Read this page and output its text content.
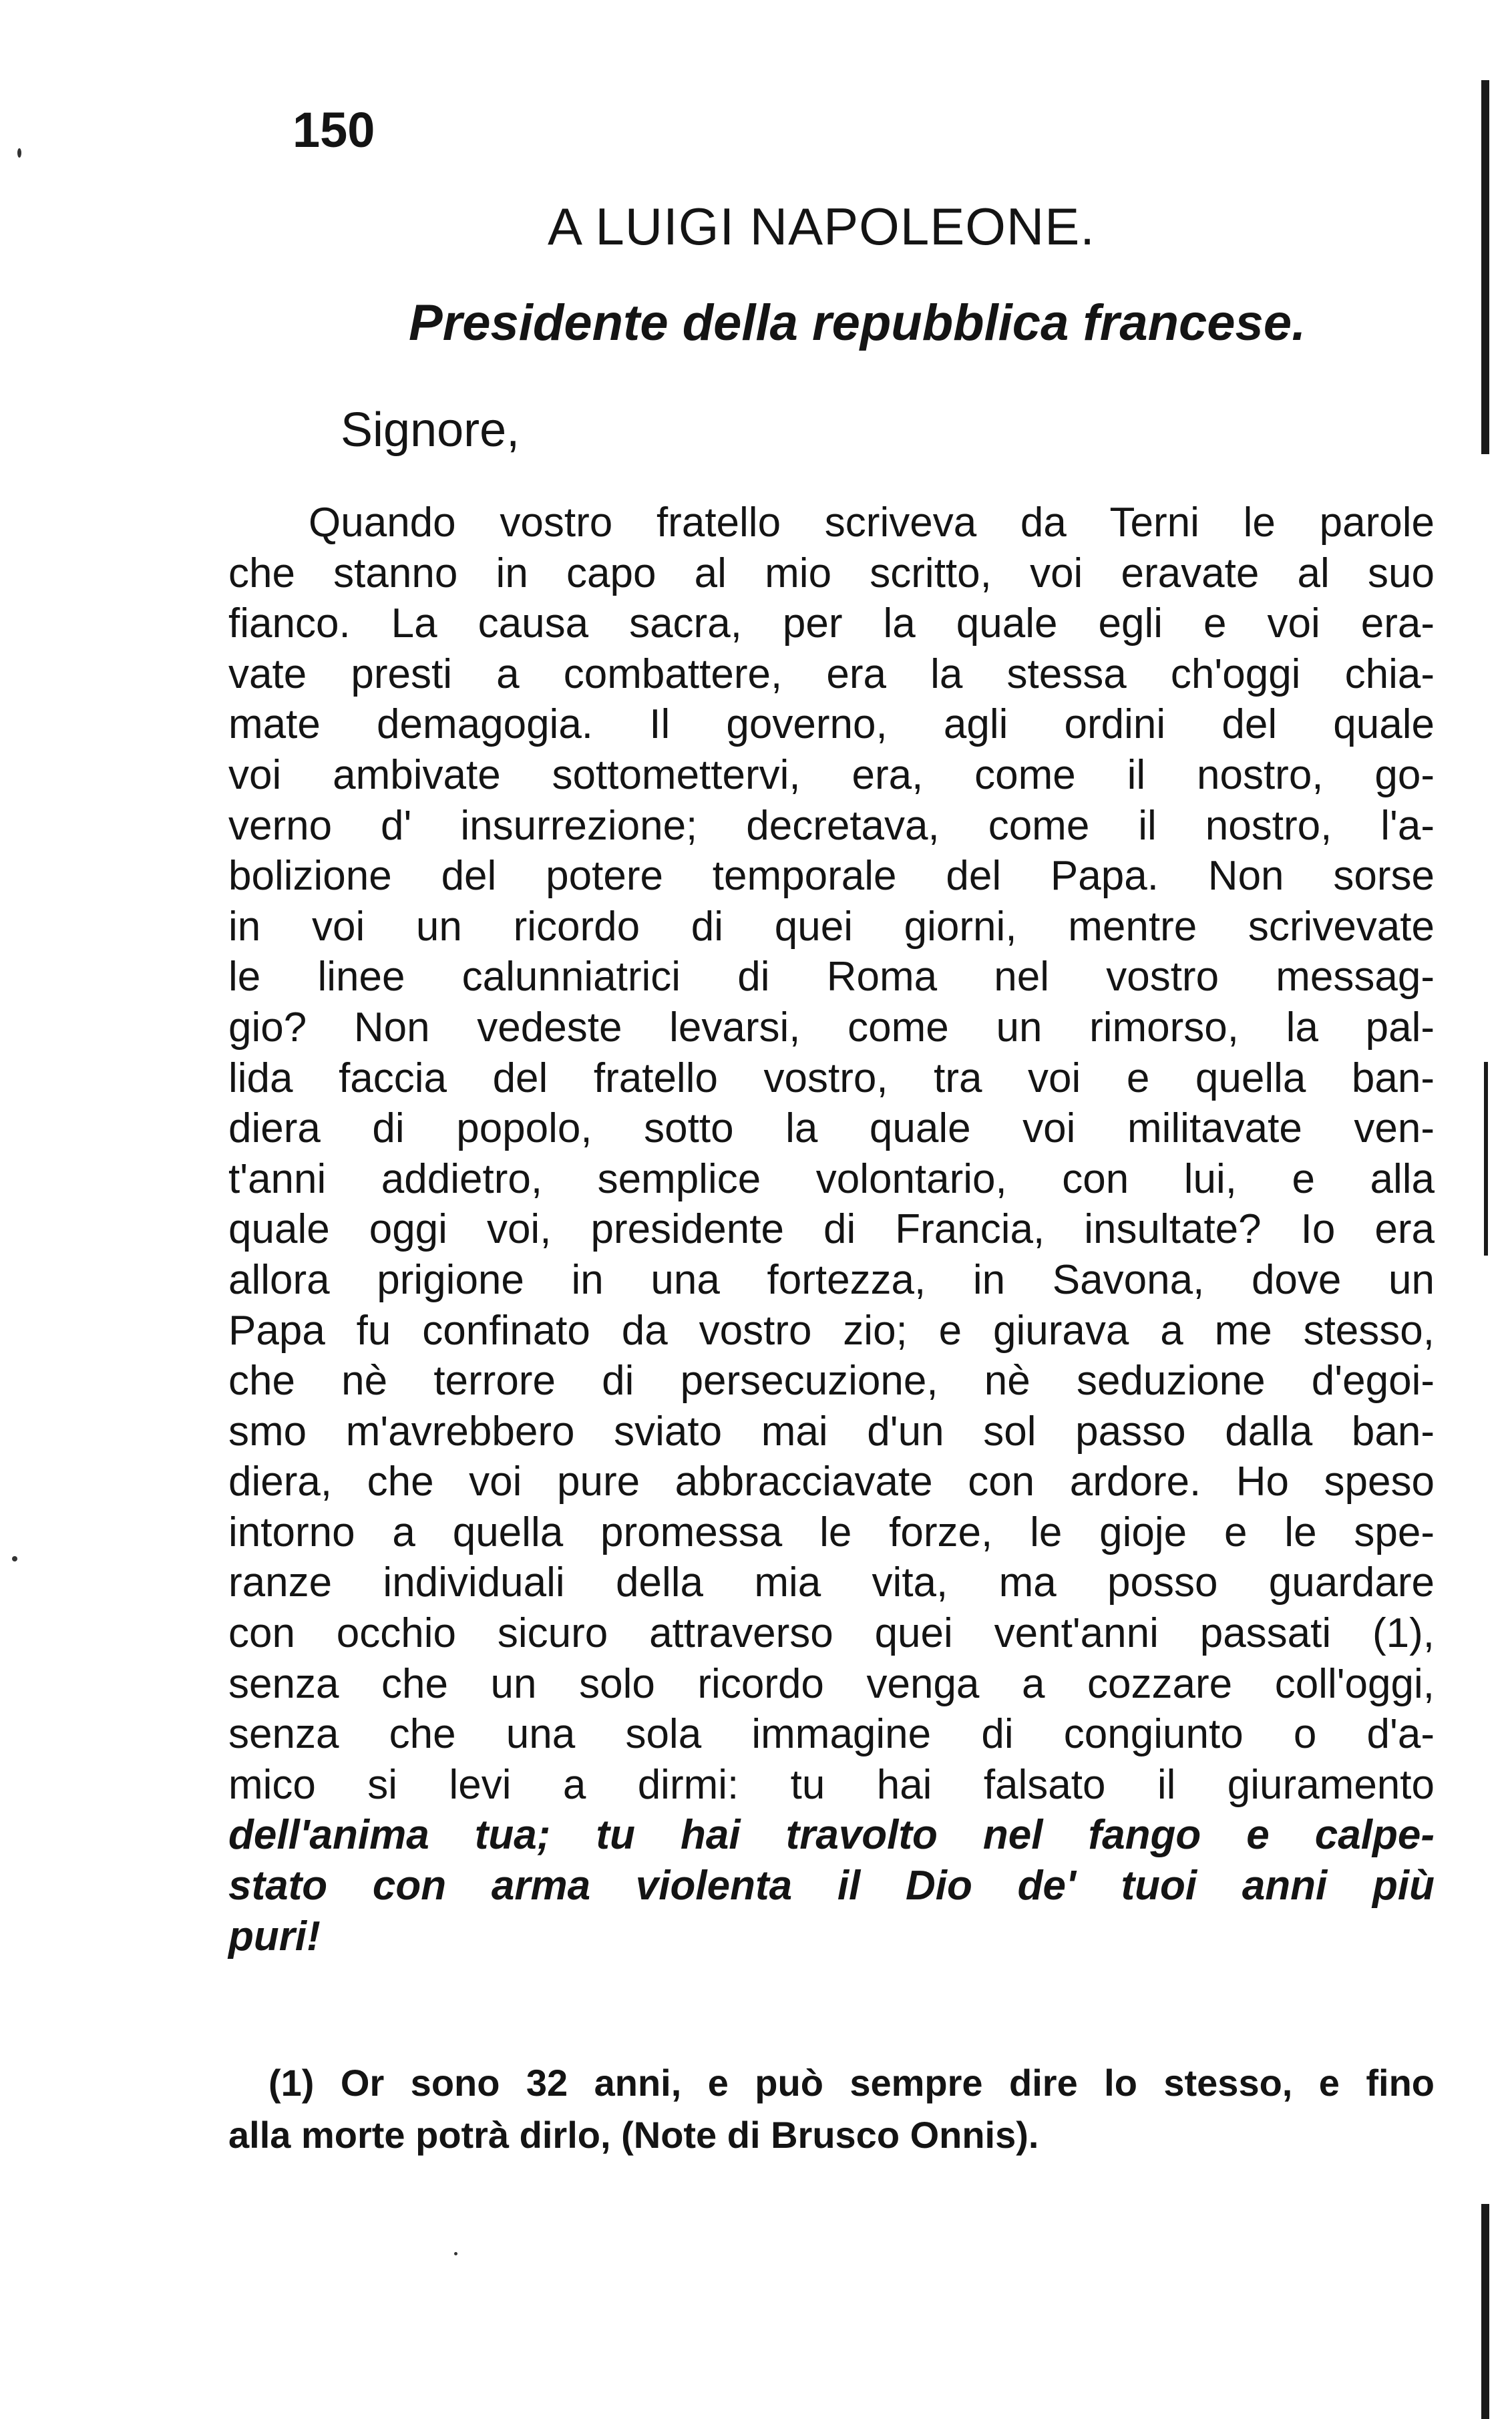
150
A LUIGI NAPOLEONE.
Presidente della repubblica francese.
Signore,
Quando vostro fratello scriveva da Terni le parole
che stanno in capo al mio scritto, voi eravate al suo
fianco. La causa sacra, per la quale egli e voi era-
vate presti a combattere, era la stessa ch'oggi chia-
mate demagogia. Il governo, agli ordini del quale
voi ambivate sottomettervi, era, come il nostro, go-
verno d' insurrezione; decretava, come il nostro, l'a-
bolizione del potere temporale del Papa. Non sorse
in voi un ricordo di quei giorni, mentre scrivevate
le linee calunniatrici di Roma nel vostro messag-
gio? Non vedeste levarsi, come un rimorso, la pal-
lida faccia del fratello vostro, tra voi e quella ban-
diera di popolo, sotto la quale voi militavate ven-
t'anni addietro, semplice volontario, con lui, e alla
quale oggi voi, presidente di Francia, insultate? Io era
allora prigione in una fortezza, in Savona, dove un
Papa fu confinato da vostro zio; e giurava a me stesso,
che nè terrore di persecuzione, nè seduzione d'egoi-
smo m'avrebbero sviato mai d'un sol passo dalla ban-
diera, che voi pure abbracciavate con ardore. Ho speso
intorno a quella promessa le forze, le gioje e le spe-
ranze individuali della mia vita, ma posso guardare
con occhio sicuro attraverso quei vent'anni passati (1),
senza che un solo ricordo venga a cozzare coll'oggi,
senza che una sola immagine di congiunto o d'a-
mico si levi a dirmi: tu hai falsato il giuramento
dell'anima tua; tu hai travolto nel fango e calpe-
stato con arma violenta il Dio de' tuoi anni più
puri!
(1) Or sono 32 anni, e può sempre dire lo stesso, e fino
alla morte potrà dirlo, (Note di Brusco Onnis).
